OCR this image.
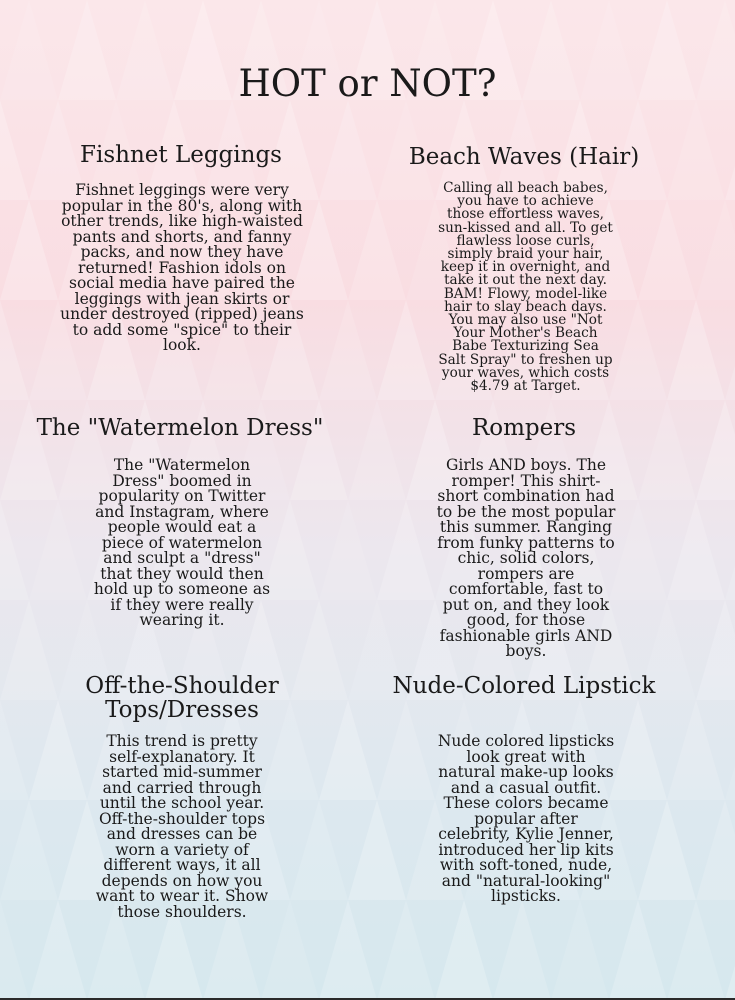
HOT or NOT?
Fishnet Leggings

Fishnet leggings were very popular in the 80's, along with other trends, like high-waisted pants and shorts, and fanny packs, and now they have returned! Fashion idols on social media have paired the leggings with jean skirts or under destroyed (ripped) jeans to add some "spice" to their look.

Beach Waves (Hair)

Calling all beach babes, you have to achieve those effortless waves, sun-kissed and all. To get flawless loose curls, simply braid your hair, keep it in overnight, and take it out the next day. BAM! Flowy, model-like hair to slay beach days. You may also use "Not Your Mother's Beach Babe Texturizing Sea Salt Spray" to freshen up your waves, which costs $4.79 at Target.

The "Watermelon Dress"

The "Watermelon Dress" boomed in popularity on Twitter and Instagram, where people would eat a piece of watermelon and sculpt a "dress" that they would then hold up to someone as if they were really wearing it.

Rompers

Girls AND boys. The romper! This shirt-short combination had to be the most popular this summer. Ranging from funky patterns to chic, solid colors, rompers are comfortable, fast to put on, and they look good, for those fashionable girls AND boys.

Off-the-Shoulder Tops/Dresses

This trend is pretty self-explanatory. It started mid-summer and carried through until the school year. Off-the-shoulder tops and dresses can be worn a variety of different ways, it all depends on how you want to wear it. Show those shoulders.

Nude-Colored Lipstick

Nude colored lipsticks look great with natural make-up looks and a casual outfit. These colors became popular after celebrity, Kylie Jenner, introduced her lip kits with soft-toned, nude, and "natural-looking" lipsticks.
